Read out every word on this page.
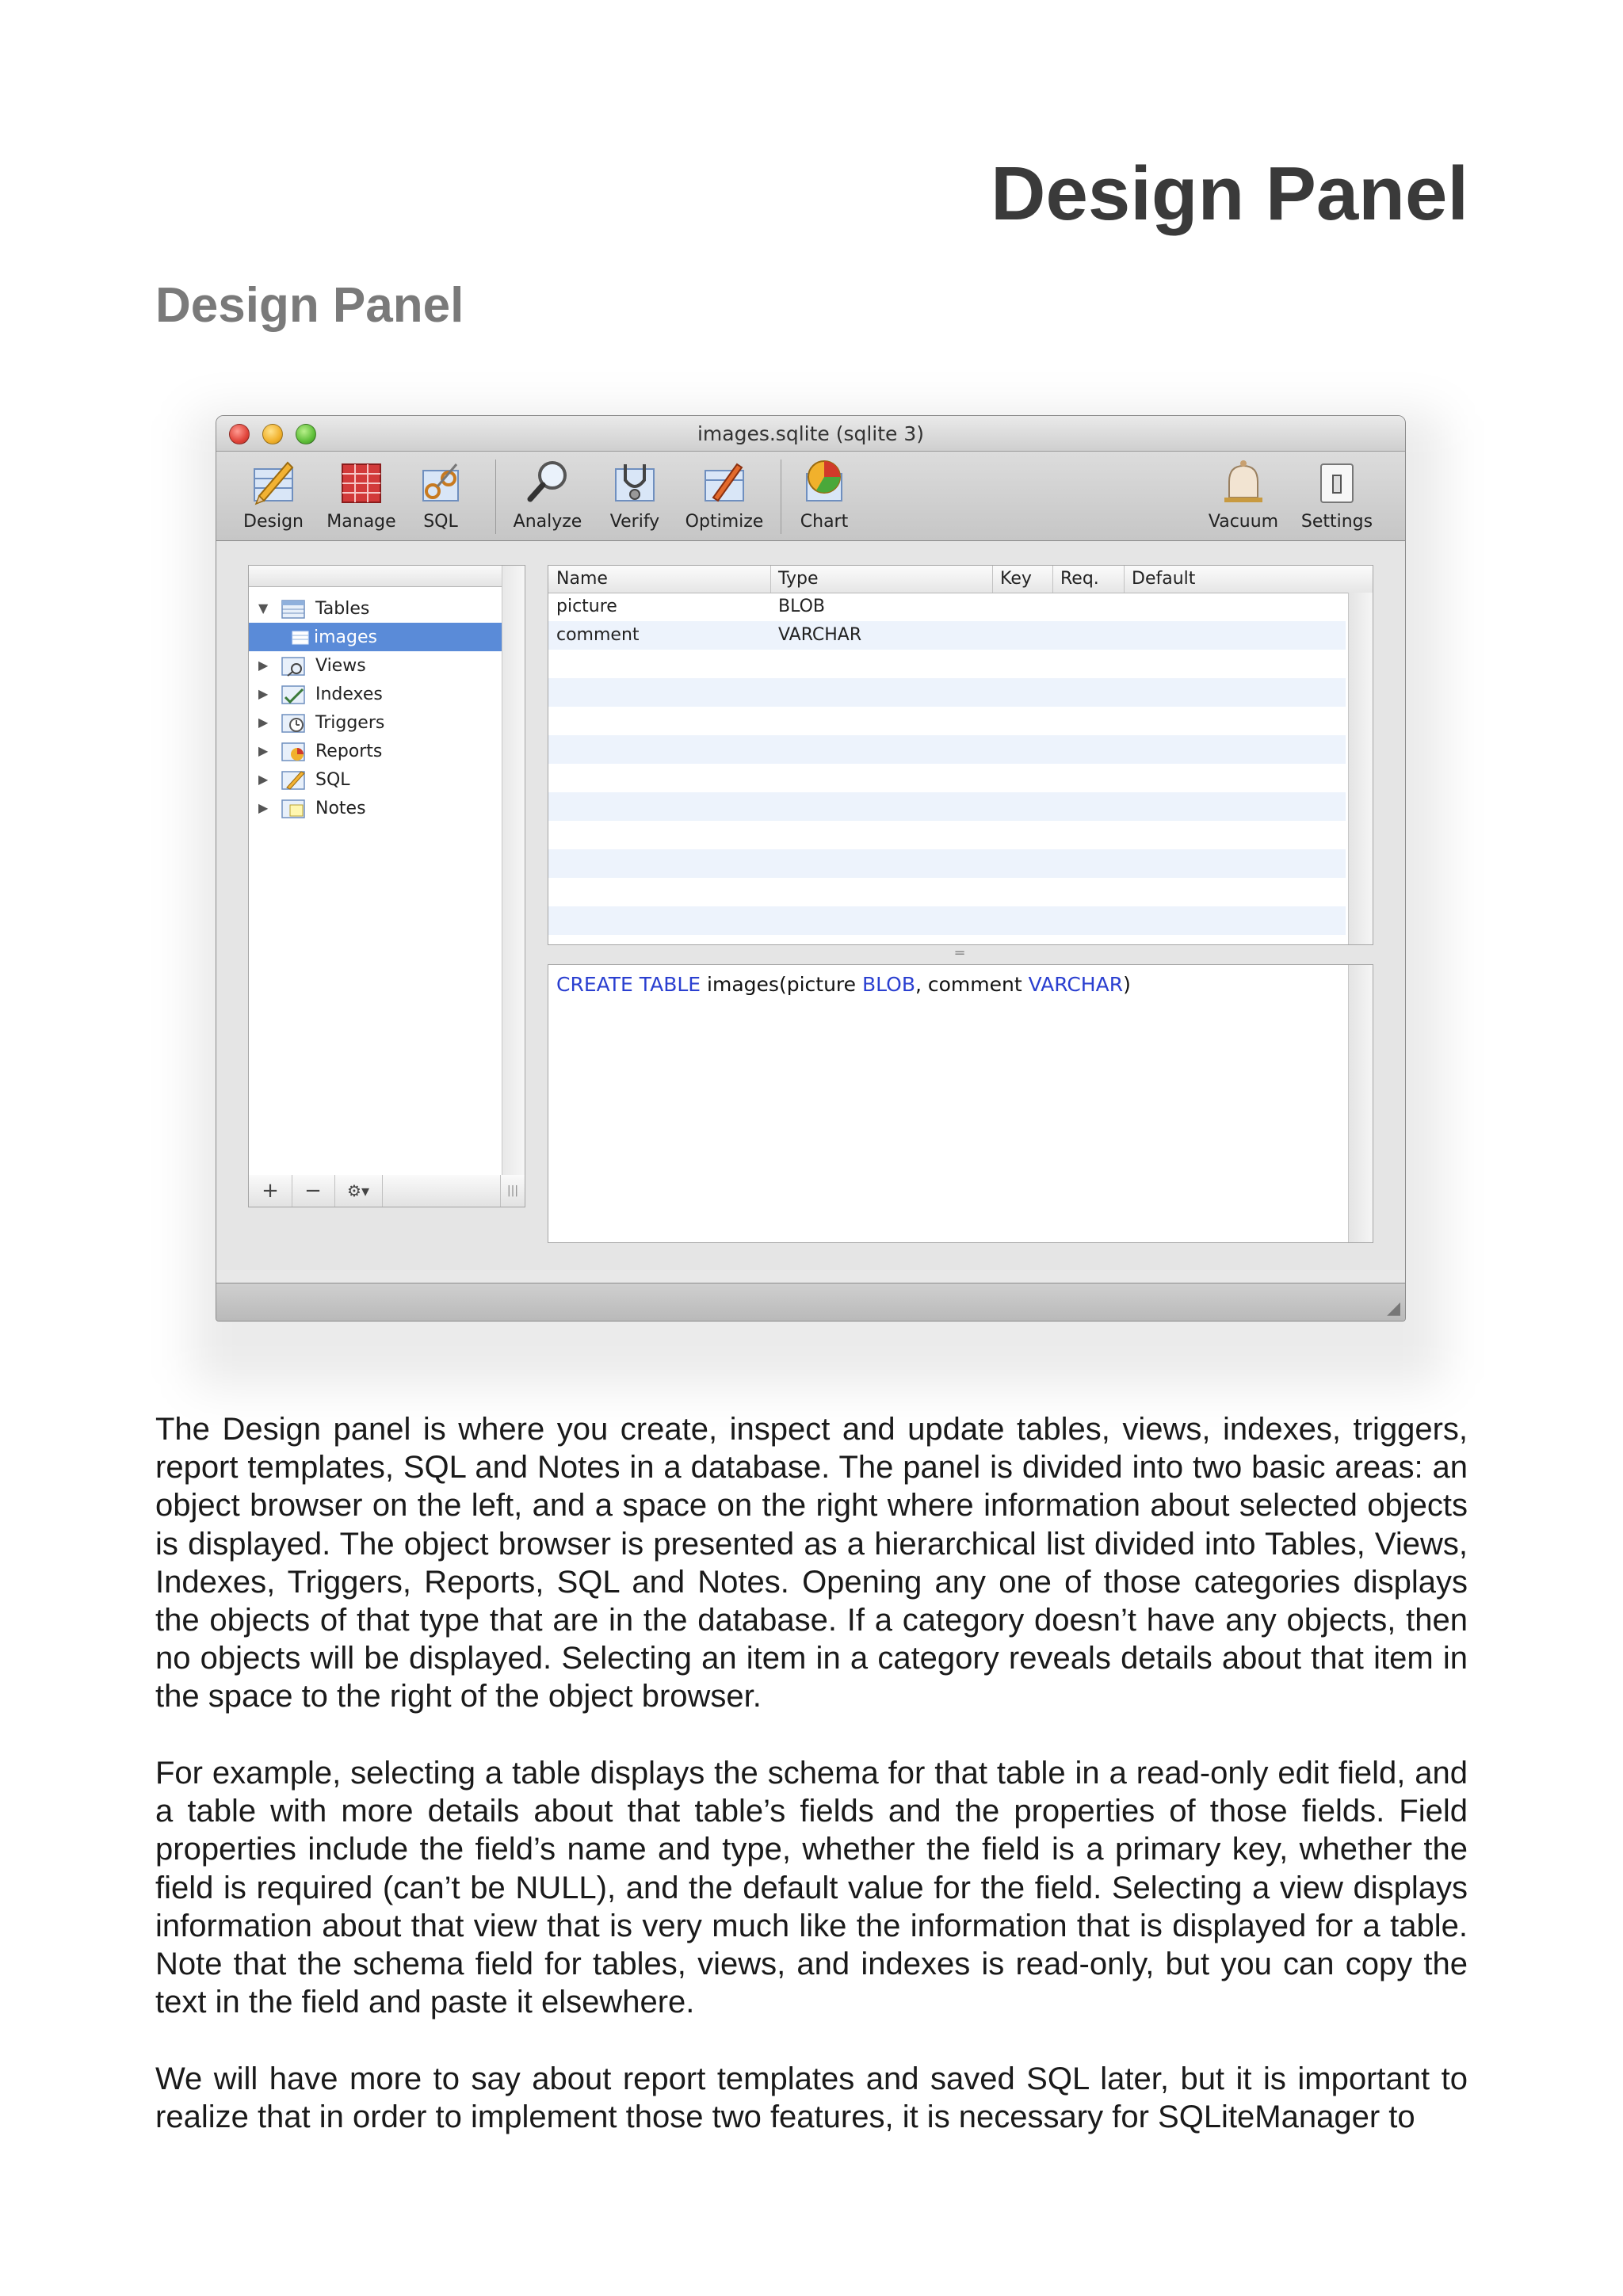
Design Panel
Design Panel
images.sqlite (sqlite 3)
Design Manage	SQL	Analyze	Verify	Optimize	Chart	Vacuum	Settings
▼	Tables
images
▶	Views
▶	Indexes
▶	Triggers
▶	Reports
▶	SQL
▶	Notes
+	−	⚙▾	|||
Name	Type	Key Req. Default
picture	BLOB
comment	VARCHAR
═
CREATE TABLE images(picture BLOB, comment VARCHAR)
◢

The Design panel is where you create, inspect and update tables, views, indexes, triggers, report templates, SQL and Notes in a database. The panel is divided into two basic areas: an object browser on the left, and a space on the right where information about selected objects is displayed. The object browser is presented as a hierarchical list divided into Tables, Views, Indexes, Triggers, Reports, SQL and Notes. Opening any one of those categories displays the objects of that type that are in the database. If a category doesn’t have any objects, then no objects will be displayed. Selecting an item in a category reveals details about that item in the space to the right of the object browser.

For example, selecting a table displays the schema for that table in a read-only edit field, and a table with more details about that table’s fields and the properties of those fields. Field properties include the field’s name and type, whether the field is a primary key, whether the field is required (can’t be NULL), and the default value for the field. Selecting a view displays information about that view that is very much like the information that is displayed for a table. Note that the schema field for tables, views, and indexes is read-only, but you can copy the text in the field and paste it elsewhere.

We will have more to say about report templates and saved SQL later, but it is important to realize that in order to implement those two features, it is necessary for SQLiteManager to
